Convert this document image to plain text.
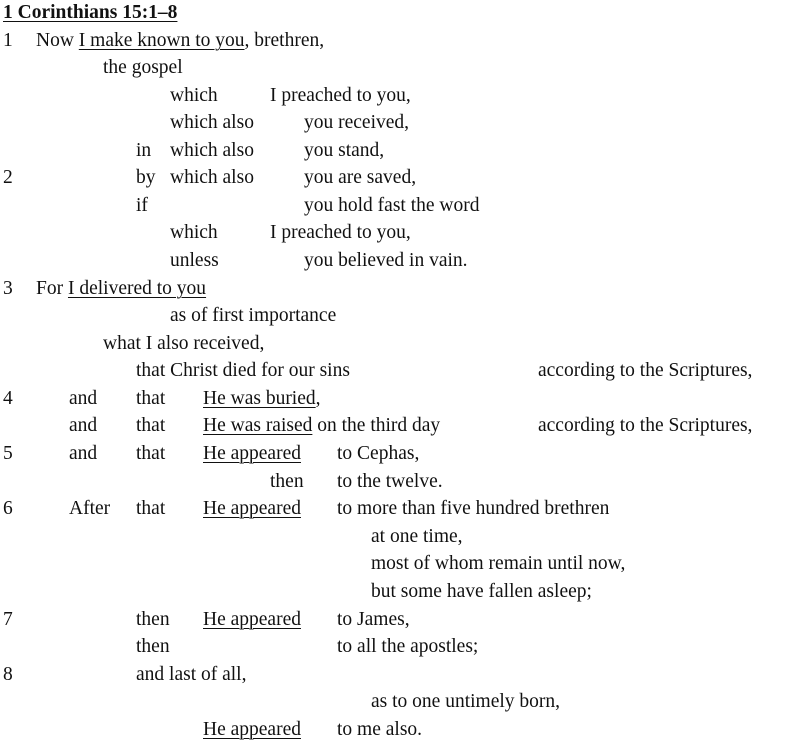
1 Corinthians 15:1–8
1 Now I make known to you, brethren,
the gospel
which	I preached to you,
which also	you received,
in which also	you stand,
2	by which also	you are saved,
if	you hold fast the word
which	I preached to you,
unless	you believed in vain.
3 For I delivered to you
as of first importance
what I also received,
that Christ died for our sins	according to the Scriptures,
4	and that He was buried,
and that He was raised on the third day	according to the Scriptures,
5	and that He appeared to Cephas,
then to the twelve.
6	After that He appeared to more than five hundred brethren
at one time,
most of whom remain until now,
but some have fallen asleep;
7	then He appeared to James,
then	to all the apostles;
8	and last of all,
as to one untimely born,
He appeared to me also.
